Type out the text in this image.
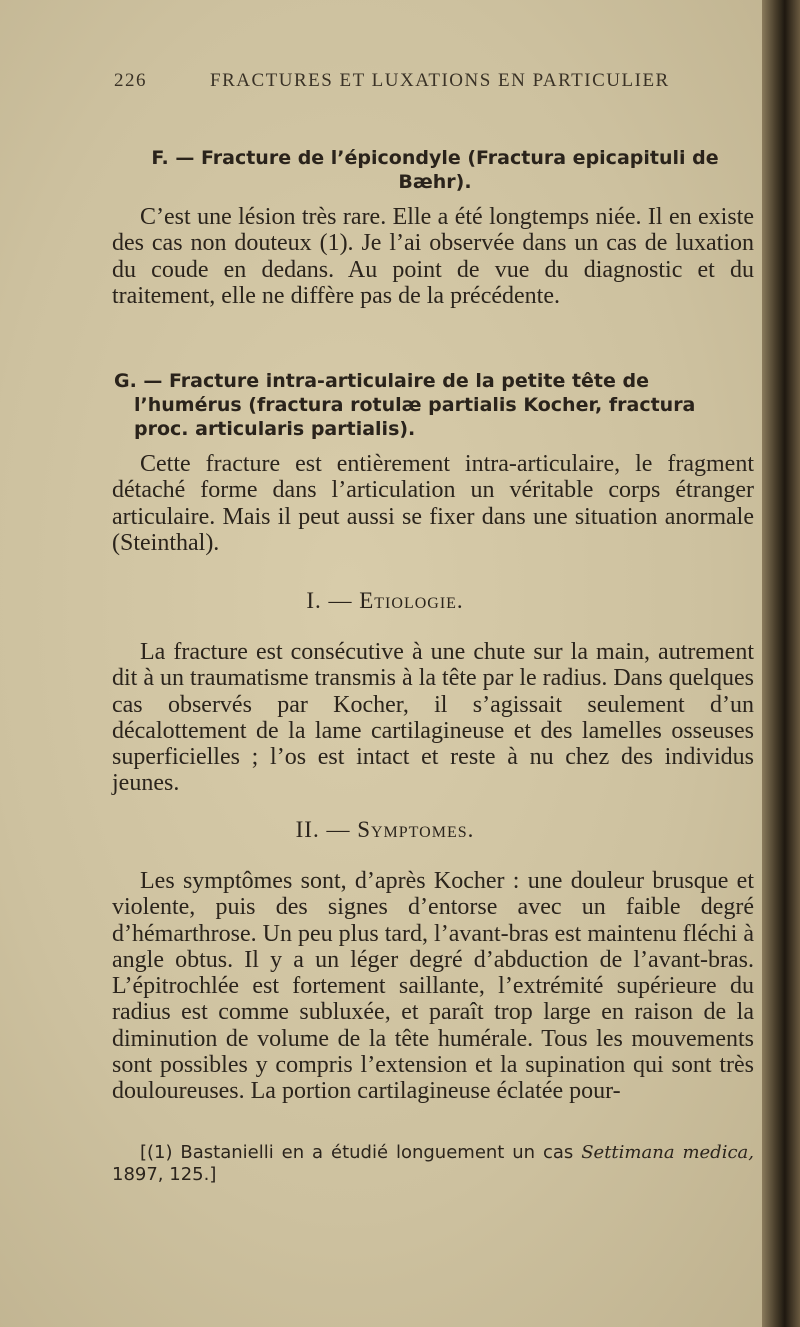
226	FRACTURES ET LUXATIONS EN PARTICULIER
F. — Fracture de l’épicondyle (Fractura epicapituli de Bæhr).
C’est une lésion très rare. Elle a été longtemps niée. Il en existe des cas non douteux (1). Je l’ai observée dans un cas de luxation du coude en dedans. Au point de vue du diagnostic et du traitement, elle ne diffère pas de la précédente.
G. — Fracture intra-articulaire de la petite tête de l’humérus (fractura rotulæ partialis Kocher, fractura proc. articularis partialis).
Cette fracture est entièrement intra-articulaire, le fragment détaché forme dans l’articulation un véritable corps étranger articulaire. Mais il peut aussi se fixer dans une situation anormale (Steinthal).
I. — Etiologie.
La fracture est consécutive à une chute sur la main, autrement dit à un traumatisme transmis à la tête par le radius. Dans quelques cas observés par Kocher, il s’agissait seulement d’un décalottement de la lame cartilagineuse et des lamelles osseuses superficielles ; l’os est intact et reste à nu chez des individus jeunes.
II. — Symptomes.
Les symptômes sont, d’après Kocher : une douleur brusque et violente, puis des signes d’entorse avec un faible degré d’hémarthrose. Un peu plus tard, l’avant-bras est maintenu fléchi à angle obtus. Il y a un léger degré d’abduction de l’avant-bras. L’épitrochlée est fortement saillante, l’extrémité supérieure du radius est comme subluxée, et paraît trop large en raison de la diminution de volume de la tête humérale. Tous les mouvements sont possibles y compris l’extension et la supination qui sont très douloureuses. La portion cartilagineuse éclatée pour-
[(1) Bastanielli en a étudié longuement un cas Settimana medica, 1897, 125.]
